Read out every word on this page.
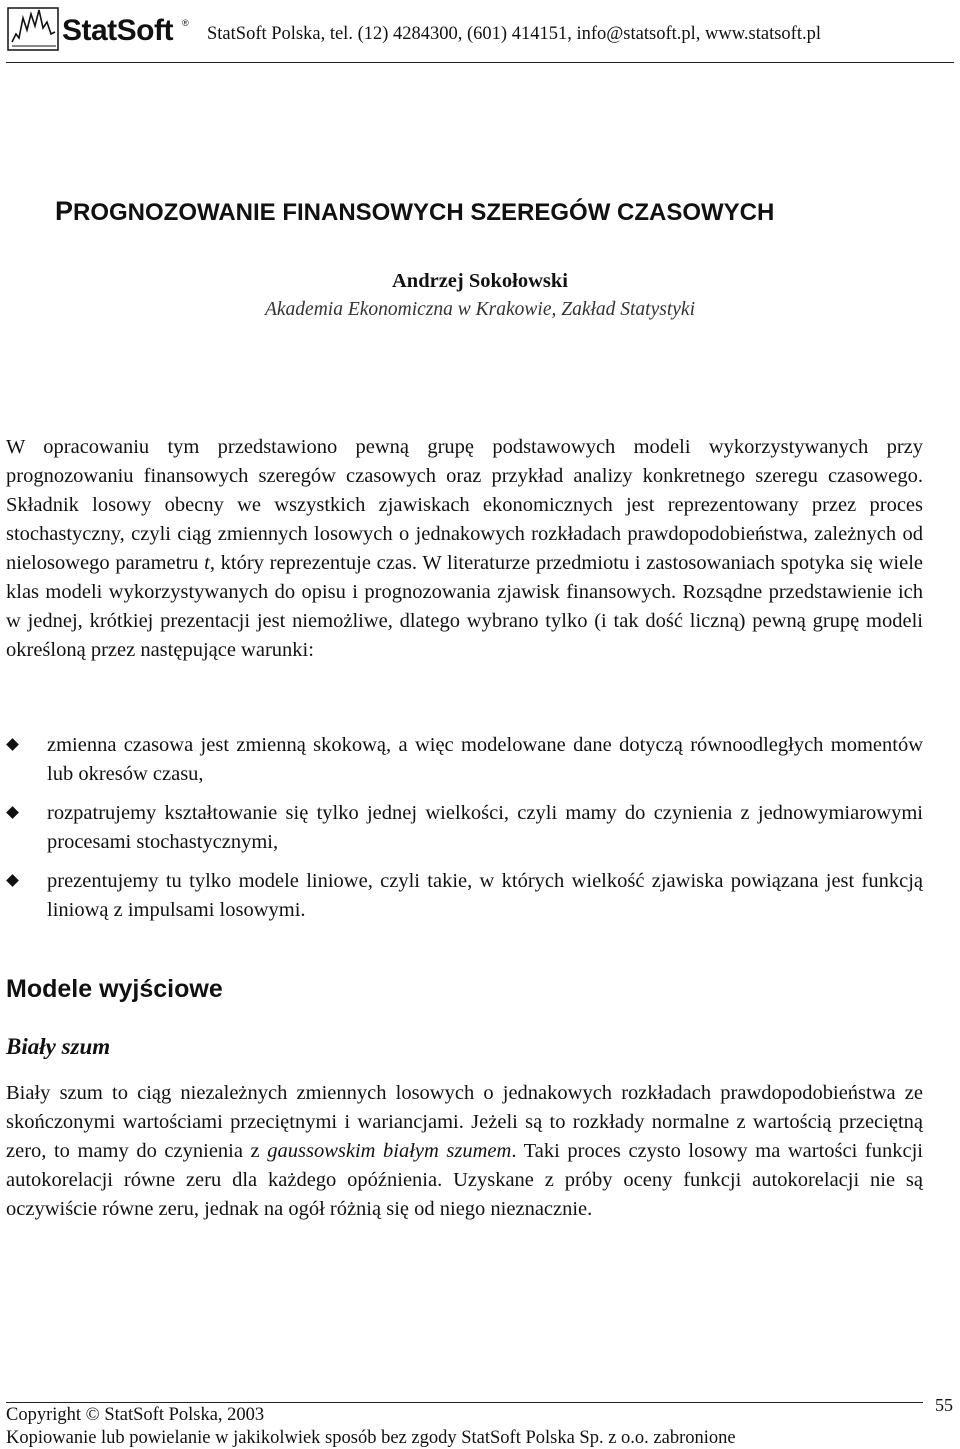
StatSoft ®
StatSoft Polska, tel. (12) 4284300, (601) 414151, info@statsoft.pl, www.statsoft.pl
PROGNOZOWANIE FINANSOWYCH SZEREGÓW CZASOWYCH
Andrzej Sokołowski
Akademia Ekonomiczna w Krakowie, Zakład Statystyki

W opracowaniu tym przedstawiono pewną grupę podstawowych modeli wykorzystywanych przy prognozowaniu finansowych szeregów czasowych oraz przykład analizy konkretnego szeregu czasowego. Składnik losowy obecny we wszystkich zjawiskach ekonomicznych jest reprezentowany przez proces stochastyczny, czyli ciąg zmiennych losowych o jednakowych rozkładach prawdopodobieństwa, zależnych od nielosowego parametru t, który reprezentuje czas. W literaturze przedmiotu i zastosowaniach spotyka się wiele klas modeli wykorzystywanych do opisu i prognozowania zjawisk finansowych. Rozsądne przedstawienie ich w jednej, krótkiej prezentacji jest niemożliwe, dlatego wybrano tylko (i tak dość liczną) pewną grupę modeli określoną przez następujące warunki:

zmienna czasowa jest zmienną skokową, a więc modelowane dane dotyczą równoodległych momentów lub okresów czasu,
rozpatrujemy kształtowanie się tylko jednej wielkości, czyli mamy do czynienia z jednowymiarowymi procesami stochastycznymi,
prezentujemy tu tylko modele liniowe, czyli takie, w których wielkość zjawiska powiązana jest funkcją liniową z impulsami losowymi.
Modele wyjściowe
Biały szum

Biały szum to ciąg niezależnych zmiennych losowych o jednakowych rozkładach prawdopodobieństwa ze skończonymi wartościami przeciętnymi i wariancjami. Jeżeli są to rozkłady normalne z wartością przeciętną zero, to mamy do czynienia z gaussowskim białym szumem. Taki proces czysto losowy ma wartości funkcji autokorelacji równe zeru dla każdego opóźnienia. Uzyskane z próby oceny funkcji autokorelacji nie są oczywiście równe zeru, jednak na ogół różnią się od niego nieznacznie.

Copyright © StatSoft Polska, 2003	55
Kopiowanie lub powielanie w jakikolwiek sposób bez zgody StatSoft Polska Sp. z o.o. zabronione
